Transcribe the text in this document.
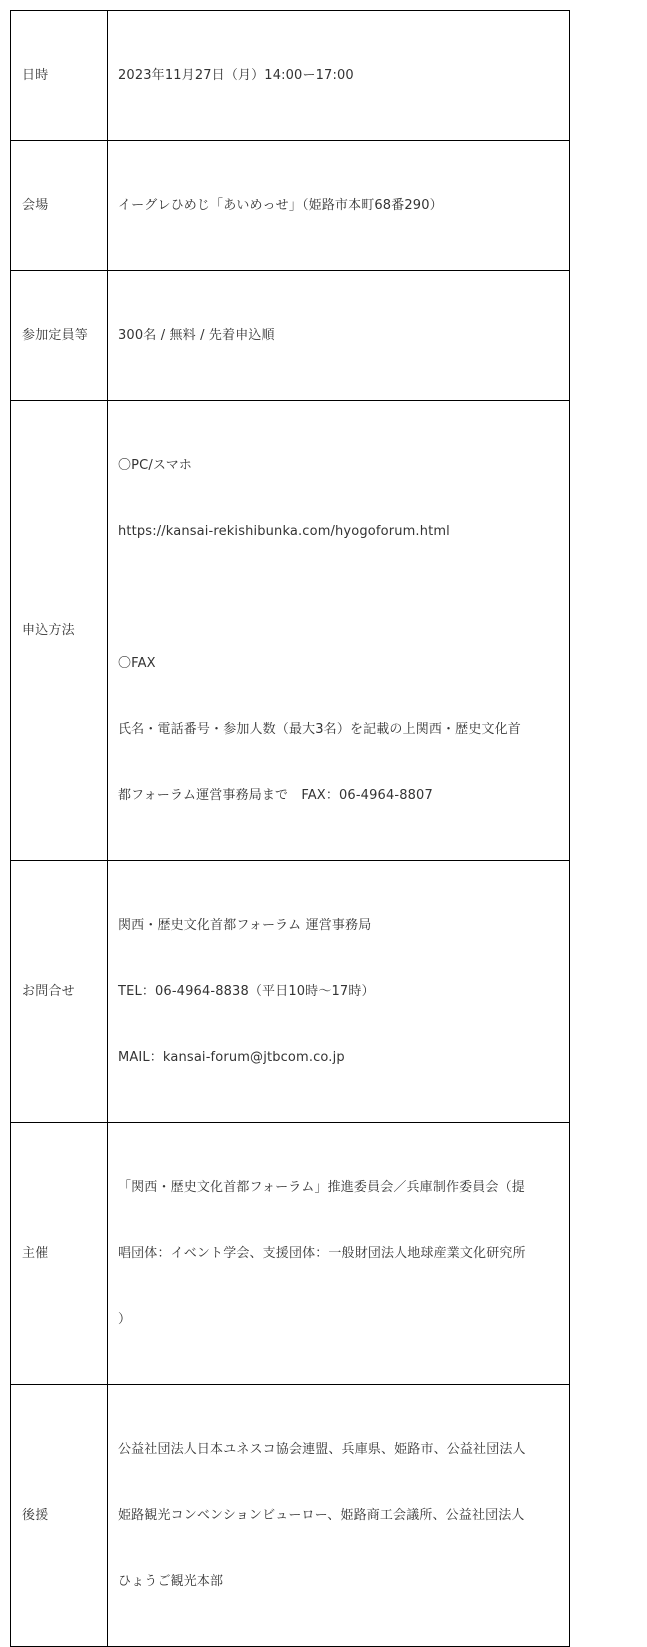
日時	2023年11月27日（月）14:00ー17:00

会場	イーグレひめじ「あいめっせ」（姫路市本町68番290）

参加定員等	300名 / 無料 / 先着申込順

申込方法	〇PC/スマホ

https://kansai-rekishibunka.com/hyogoforum.html

〇FAX

氏名・電話番号・参加人数（最大3名）を記載の上関西・歴史文化首

都フォーラム運営事務局まで　FAX：06-4964-8807

お問合せ	関西・歴史文化首都フォーラム 運営事務局

TEL：06-4964-8838（平日10時〜17時）

MAIL：kansai-forum@jtbcom.co.jp

主催	「関西・歴史文化首都フォーラム」推進委員会／兵庫制作委員会（提

唱団体：イベント学会、支援団体：一般財団法人地球産業文化研究所

）

後援	公益社団法人日本ユネスコ協会連盟、兵庫県、姫路市、公益社団法人

姫路観光コンベンションビューロー、姫路商工会議所、公益社団法人

ひょうご観光本部
